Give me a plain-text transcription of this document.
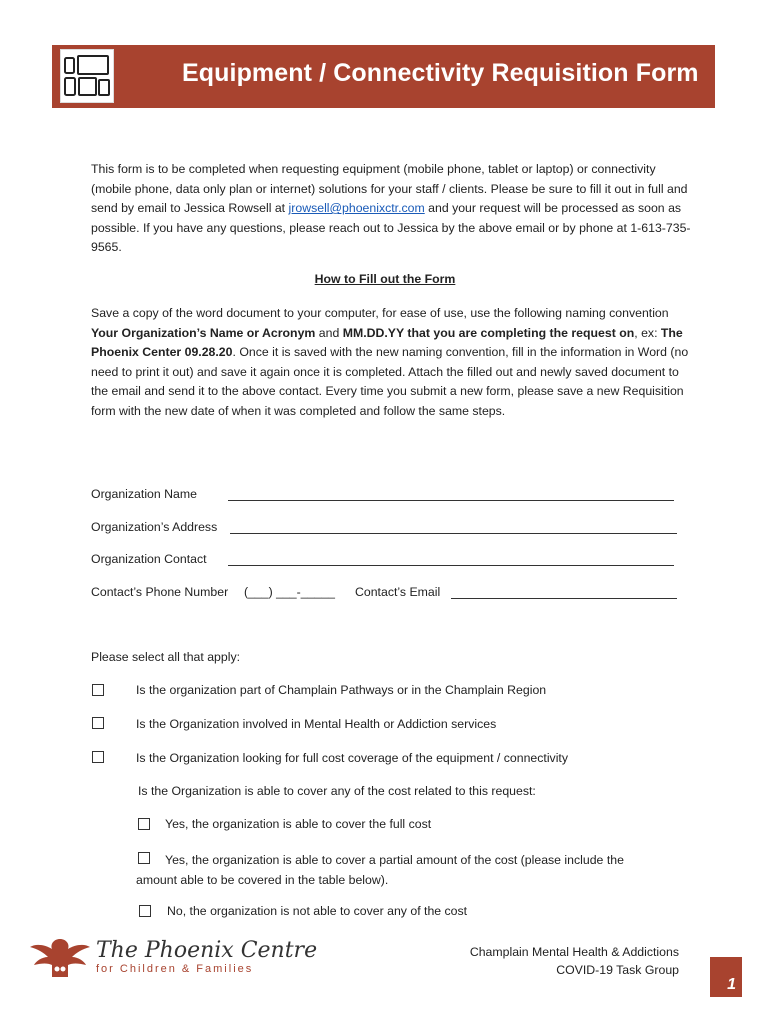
Equipment / Connectivity Requisition Form

This form is to be completed when requesting equipment (mobile phone, tablet or laptop) or connectivity (mobile phone, data only plan or internet) solutions for your staff / clients. Please be sure to fill it out in full and send by email to Jessica Rowsell at jrowsell@phoenixctr.com and your request will be processed as soon as possible. If you have any questions, please reach out to Jessica by the above email or by phone at 1-613-735-9565.

How to Fill out the Form

Save a copy of the word document to your computer, for ease of use, use the following naming convention Your Organization’s Name or Acronym and MM.DD.YY that you are completing the request on, ex: The Phoenix Center 09.28.20. Once it is saved with the new naming convention, fill in the information in Word (no need to print it out) and save it again once it is completed. Attach the filled out and newly saved document to the email and send it to the above contact. Every time you submit a new form, please save a new Requisition form with the new date of when it was completed and follow the same steps.

Organization Name
Organization’s Address
Organization Contact
Contact’s Phone Number (___) ___-_____ Contact’s Email
Please select all that apply:
Is the organization part of Champlain Pathways or in the Champlain Region
Is the Organization involved in Mental Health or Addiction services
Is the Organization looking for full cost coverage of the equipment / connectivity
Is the Organization is able to cover any of the cost related to this request:
Yes, the organization is able to cover the full cost
Yes, the organization is able to cover a partial amount of the cost (please include the amount able to be covered in the table below).
No, the organization is not able to cover any of the cost
The Phoenix Centre
for Children & Families
Champlain Mental Health & Addictions
COVID-19 Task Group
1
